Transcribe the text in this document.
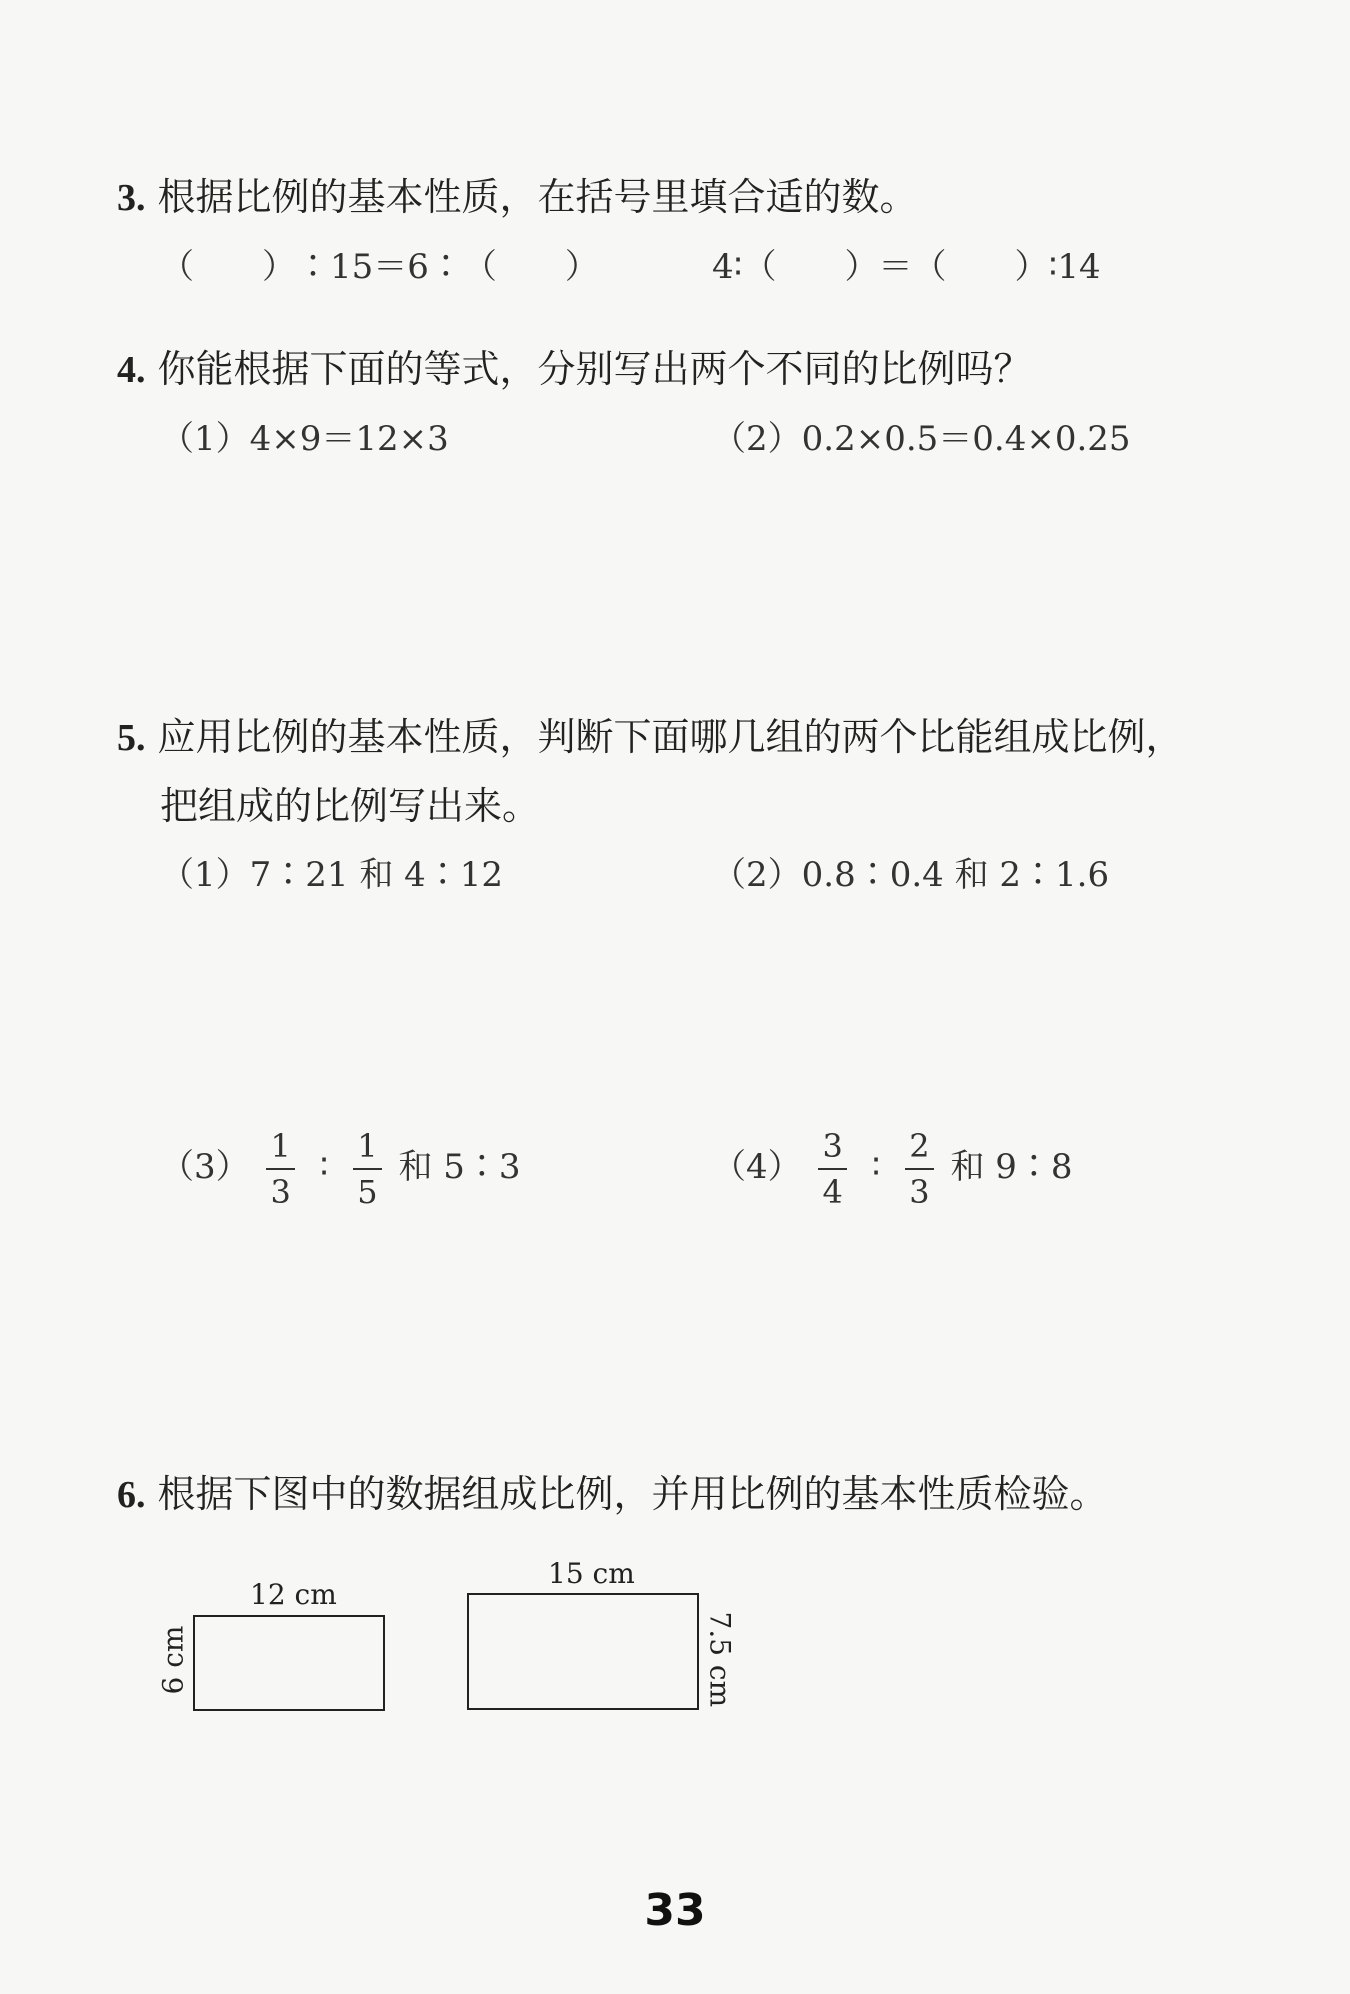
3. 根据比例的基本性质，在括号里填合适的数。
（　　）∶15＝6∶（　　）	4∶（　　）＝（　　）∶14
4. 你能根据下面的等式，分别写出两个不同的比例吗？
（1）4×9＝12×3	（2）0.2×0.5＝0.4×0.25
5. 应用比例的基本性质，判断下面哪几组的两个比能组成比例，
把组成的比例写出来。
（1）7∶21 和 4∶12	（2）0.8∶0.4 和 2∶1.6
$(3) \frac{1}{3}$ ∶ $\frac{1}{5}$ 和 5∶3	$(4) \frac{3}{4}$ ∶ $\frac{2}{3}$ 和 9∶8
6. 根据下图中的数据组成比例，并用比例的基本性质检验。
12 cm
6 cm
15 cm
7.5 cm
33
